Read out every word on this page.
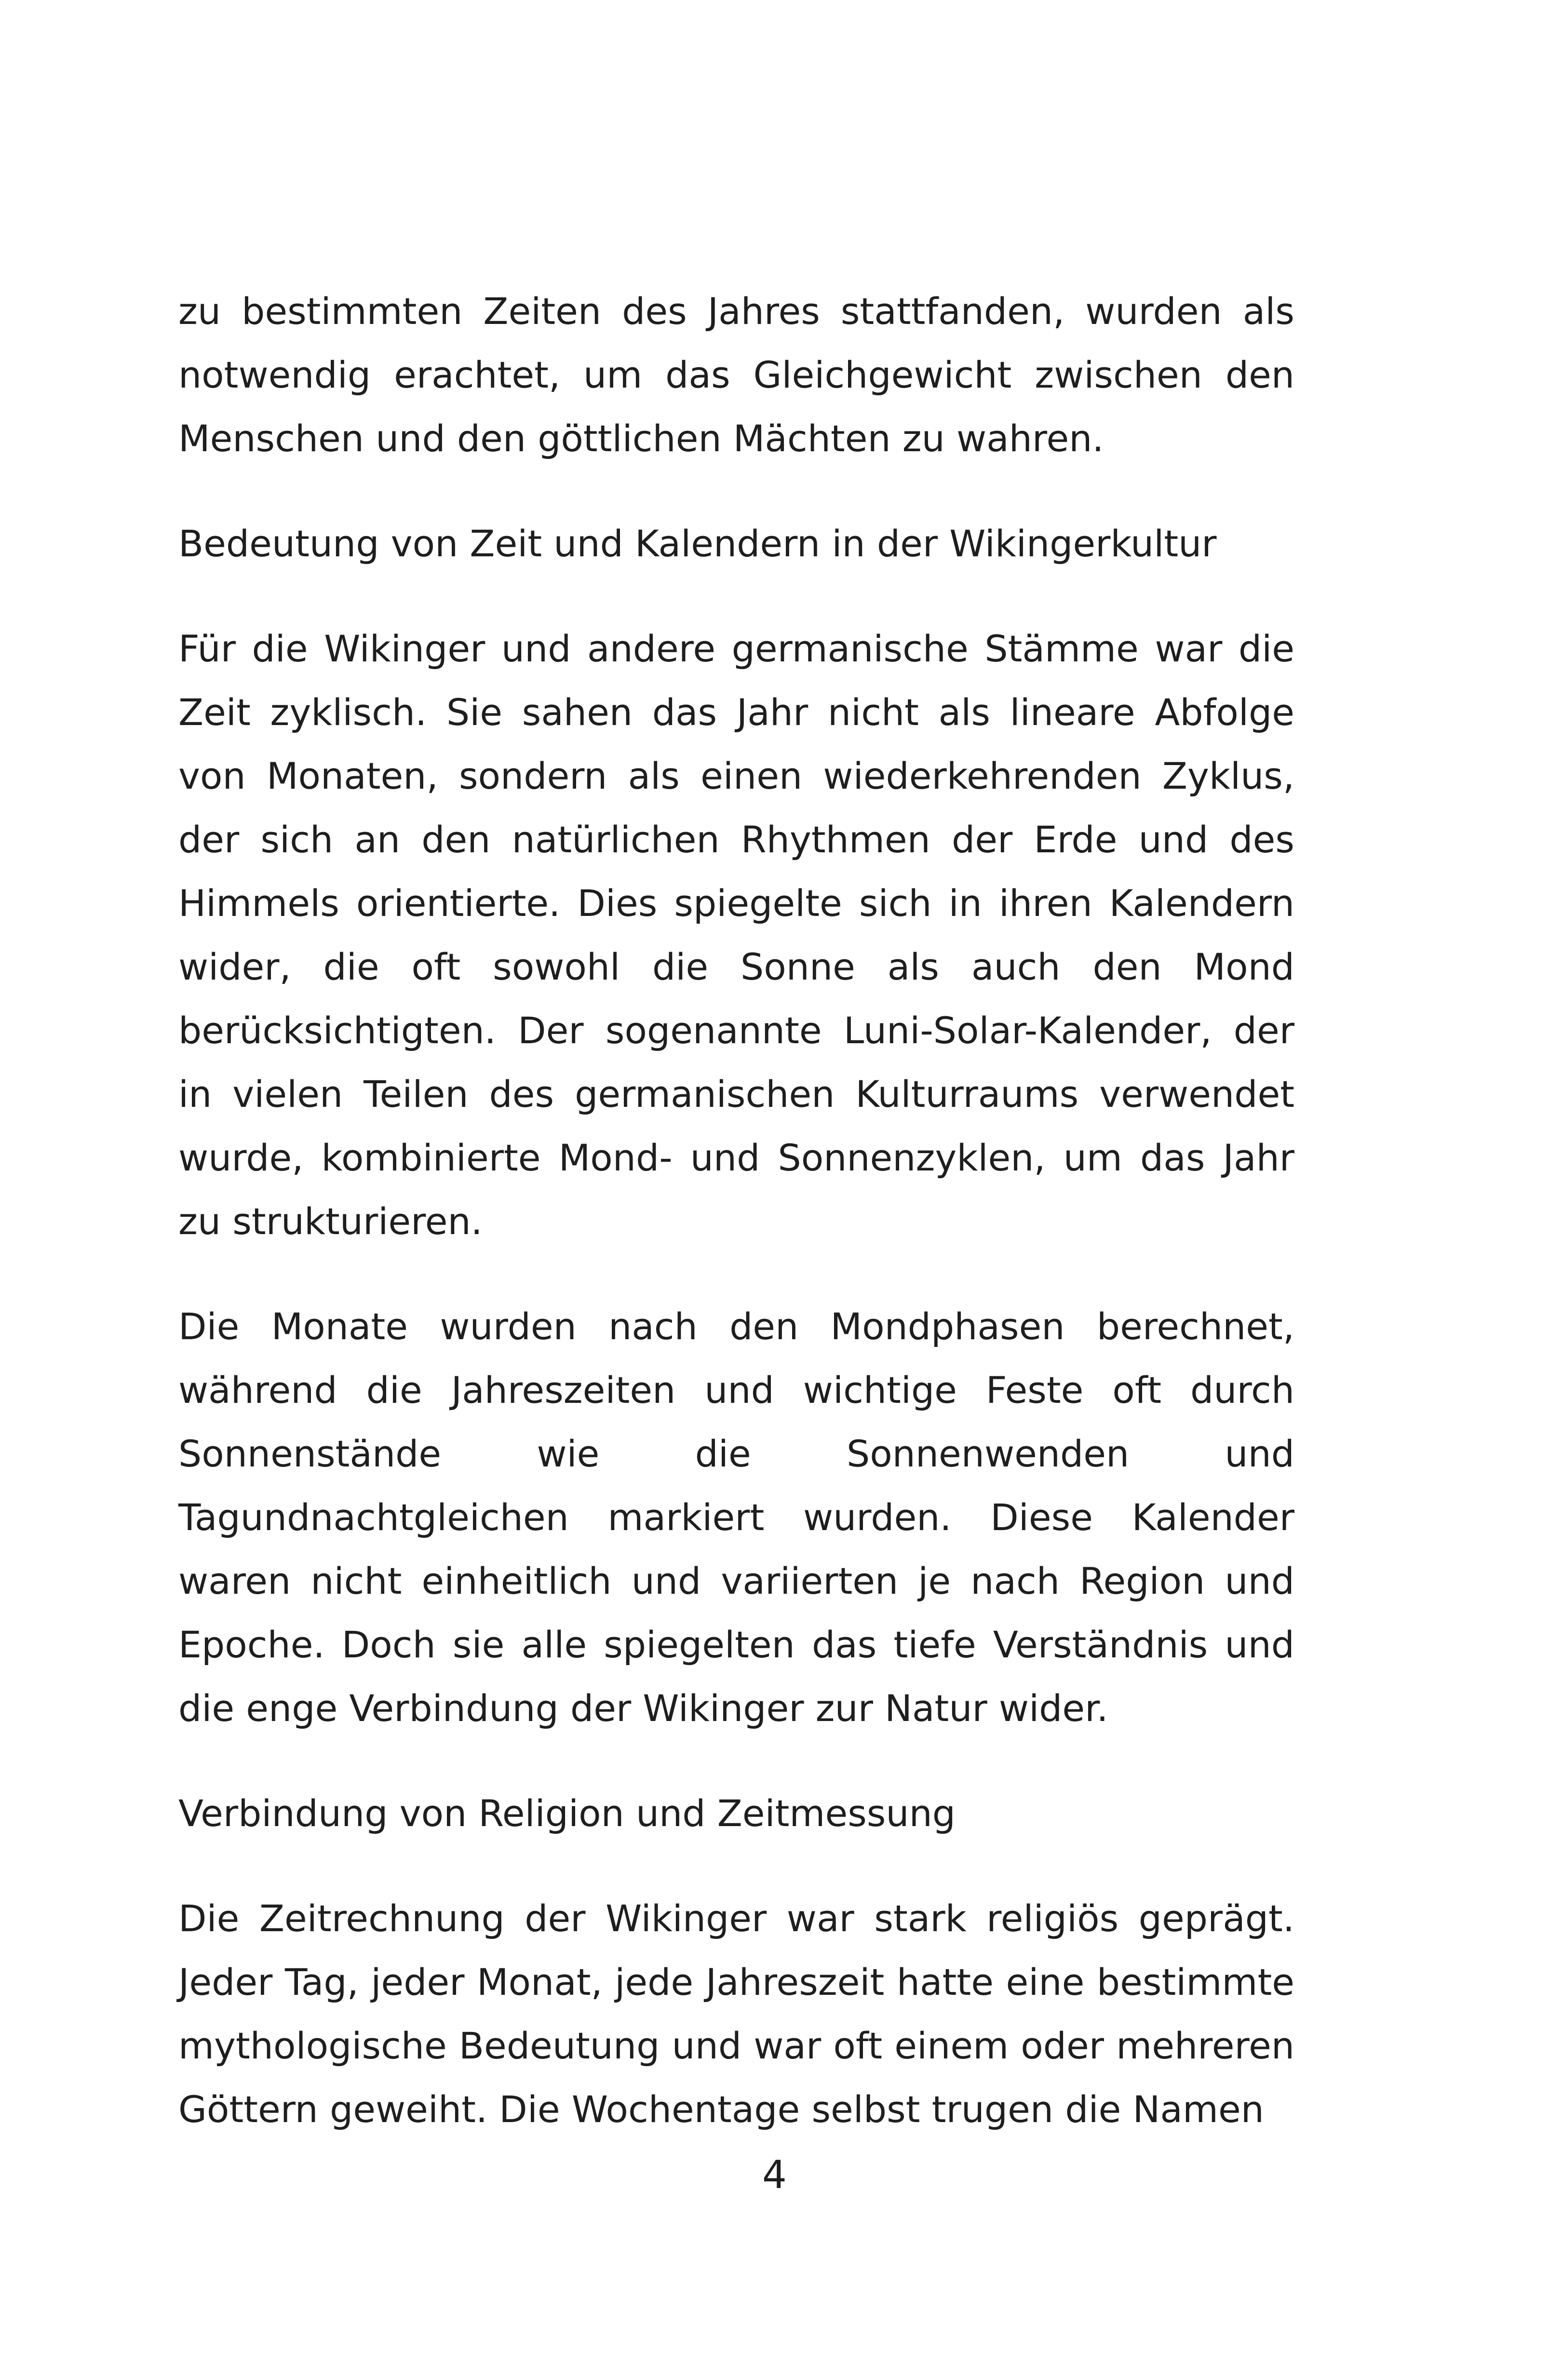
zu bestimmten Zeiten des Jahres stattfanden, wurden als notwendig erachtet, um das Gleichgewicht zwischen den Menschen und den göttlichen Mächten zu wahren.

Bedeutung von Zeit und Kalendern in der Wikingerkultur

Für die Wikinger und andere germanische Stämme war die Zeit zyklisch. Sie sahen das Jahr nicht als lineare Abfolge von Monaten, sondern als einen wiederkehrenden Zyklus, der sich an den natürlichen Rhythmen der Erde und des Himmels orientierte. Dies spiegelte sich in ihren Kalendern wider, die oft sowohl die Sonne als auch den Mond berücksichtigten. Der sogenannte Luni-Solar-Kalender, der in vielen Teilen des germanischen Kulturraums verwendet wurde, kombinierte Mond- und Sonnenzyklen, um das Jahr zu strukturieren.

Die Monate wurden nach den Mondphasen berechnet, während die Jahreszeiten und wichtige Feste oft durch Sonnenstände wie die Sonnenwenden und Tagundnachtgleichen markiert wurden. Diese Kalender waren nicht einheitlich und variierten je nach Region und Epoche. Doch sie alle spiegelten das tiefe Verständnis und die enge Verbindung der Wikinger zur Natur wider.

Verbindung von Religion und Zeitmessung

Die Zeitrechnung der Wikinger war stark religiös geprägt. Jeder Tag, jeder Monat, jede Jahreszeit hatte eine bestimmte mythologische Bedeutung und war oft einem oder mehreren Göttern geweiht. Die Wochentage selbst trugen die Namen

4
